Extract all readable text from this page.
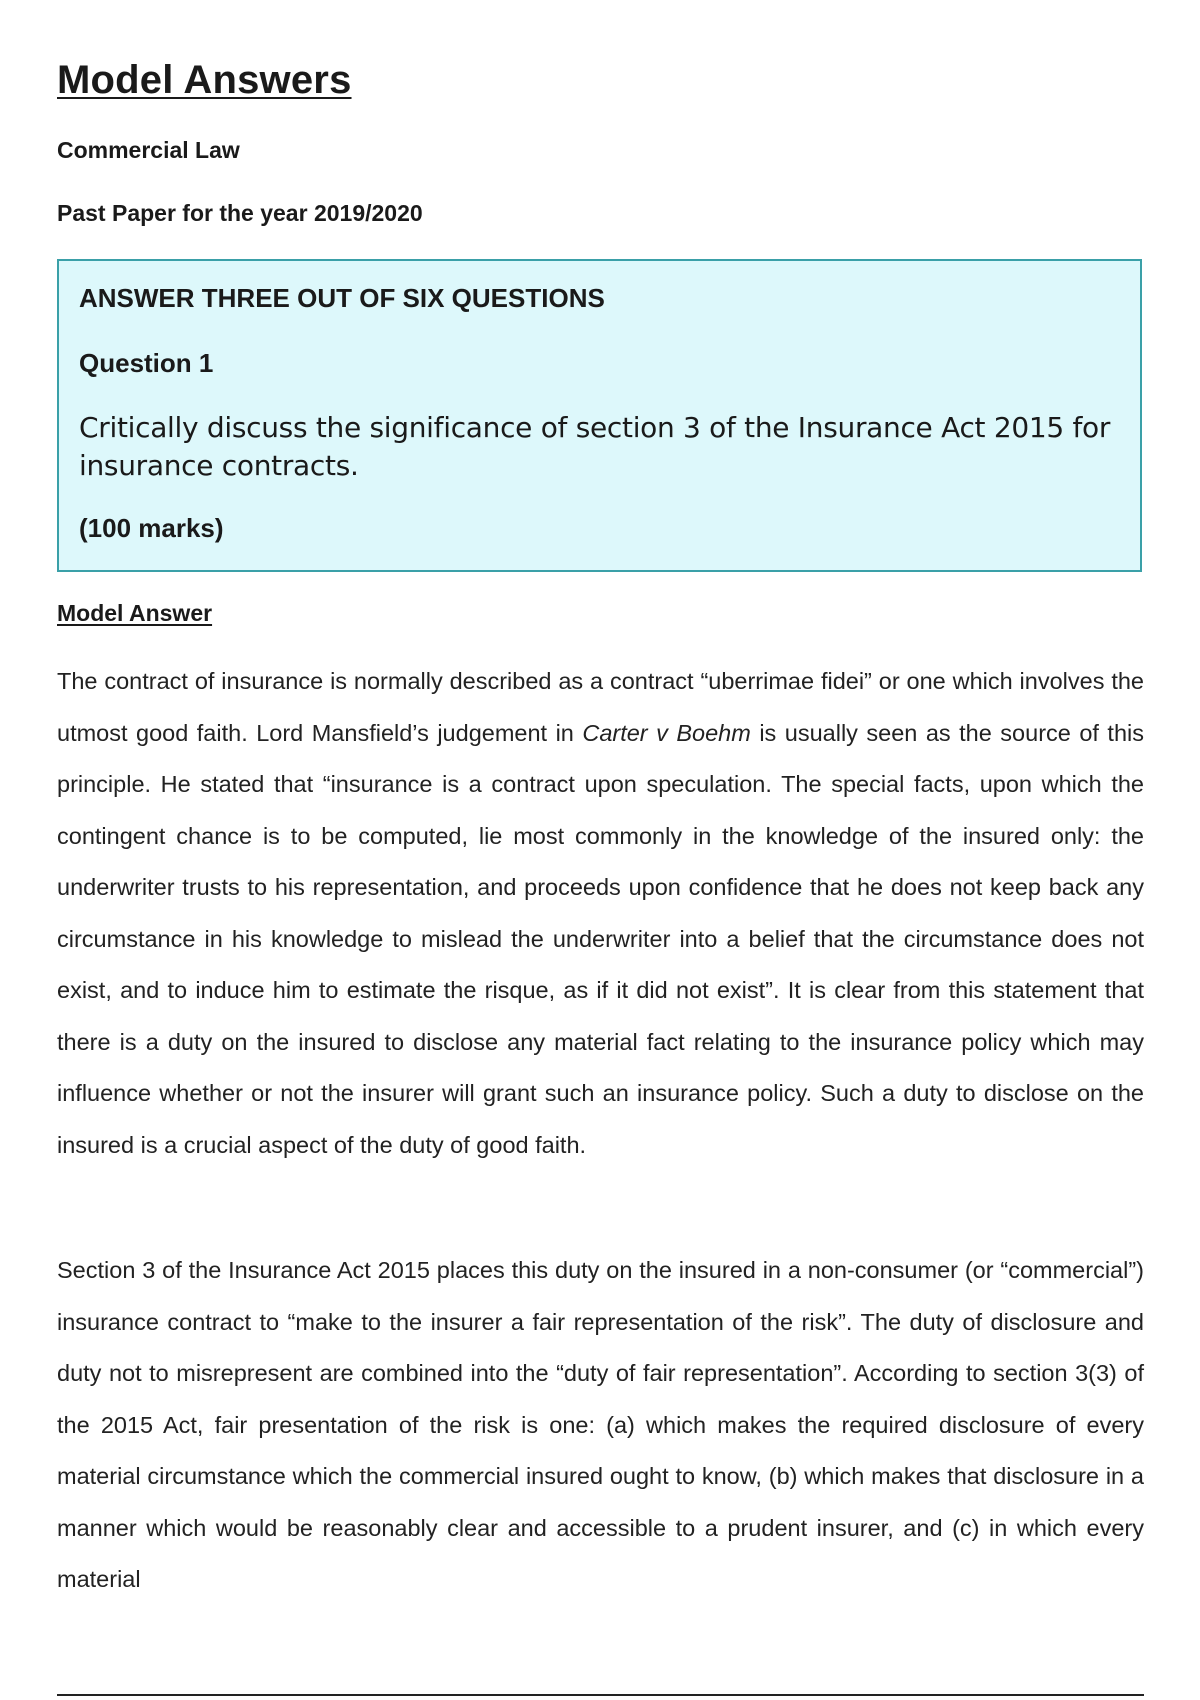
Model Answers

Commercial Law

Past Paper for the year 2019/2020

ANSWER THREE OUT OF SIX QUESTIONS
Question 1
Critically discuss the significance of section 3 of the Insurance Act 2015 for insurance contracts.
(100 marks)
Model Answer

The contract of insurance is normally described as a contract “uberrimae fidei” or one which involves the utmost good faith. Lord Mansfield’s judgement in Carter v Boehm is usually seen as the source of this principle. He stated that “insurance is a contract upon speculation. The special facts, upon which the contingent chance is to be computed, lie most commonly in the knowledge of the insured only: the underwriter trusts to his representation, and proceeds upon confidence that he does not keep back any circumstance in his knowledge to mislead the underwriter into a belief that the circumstance does not exist, and to induce him to estimate the risque, as if it did not exist”. It is clear from this statement that there is a duty on the insured to disclose any material fact relating to the insurance policy which may influence whether or not the insurer will grant such an insurance policy. Such a duty to disclose on the insured is a crucial aspect of the duty of good faith.

Section 3 of the Insurance Act 2015 places this duty on the insured in a non-consumer (or “commercial”) insurance contract to “make to the insurer a fair representation of the risk”. The duty of disclosure and duty not to misrepresent are combined into the “duty of fair representation”. According to section 3(3) of the 2015 Act, fair presentation of the risk is one: (a) which makes the required disclosure of every material circumstance which the commercial insured ought to know, (b) which makes that disclosure in a manner which would be reasonably clear and accessible to a prudent insurer, and (c) in which every material
